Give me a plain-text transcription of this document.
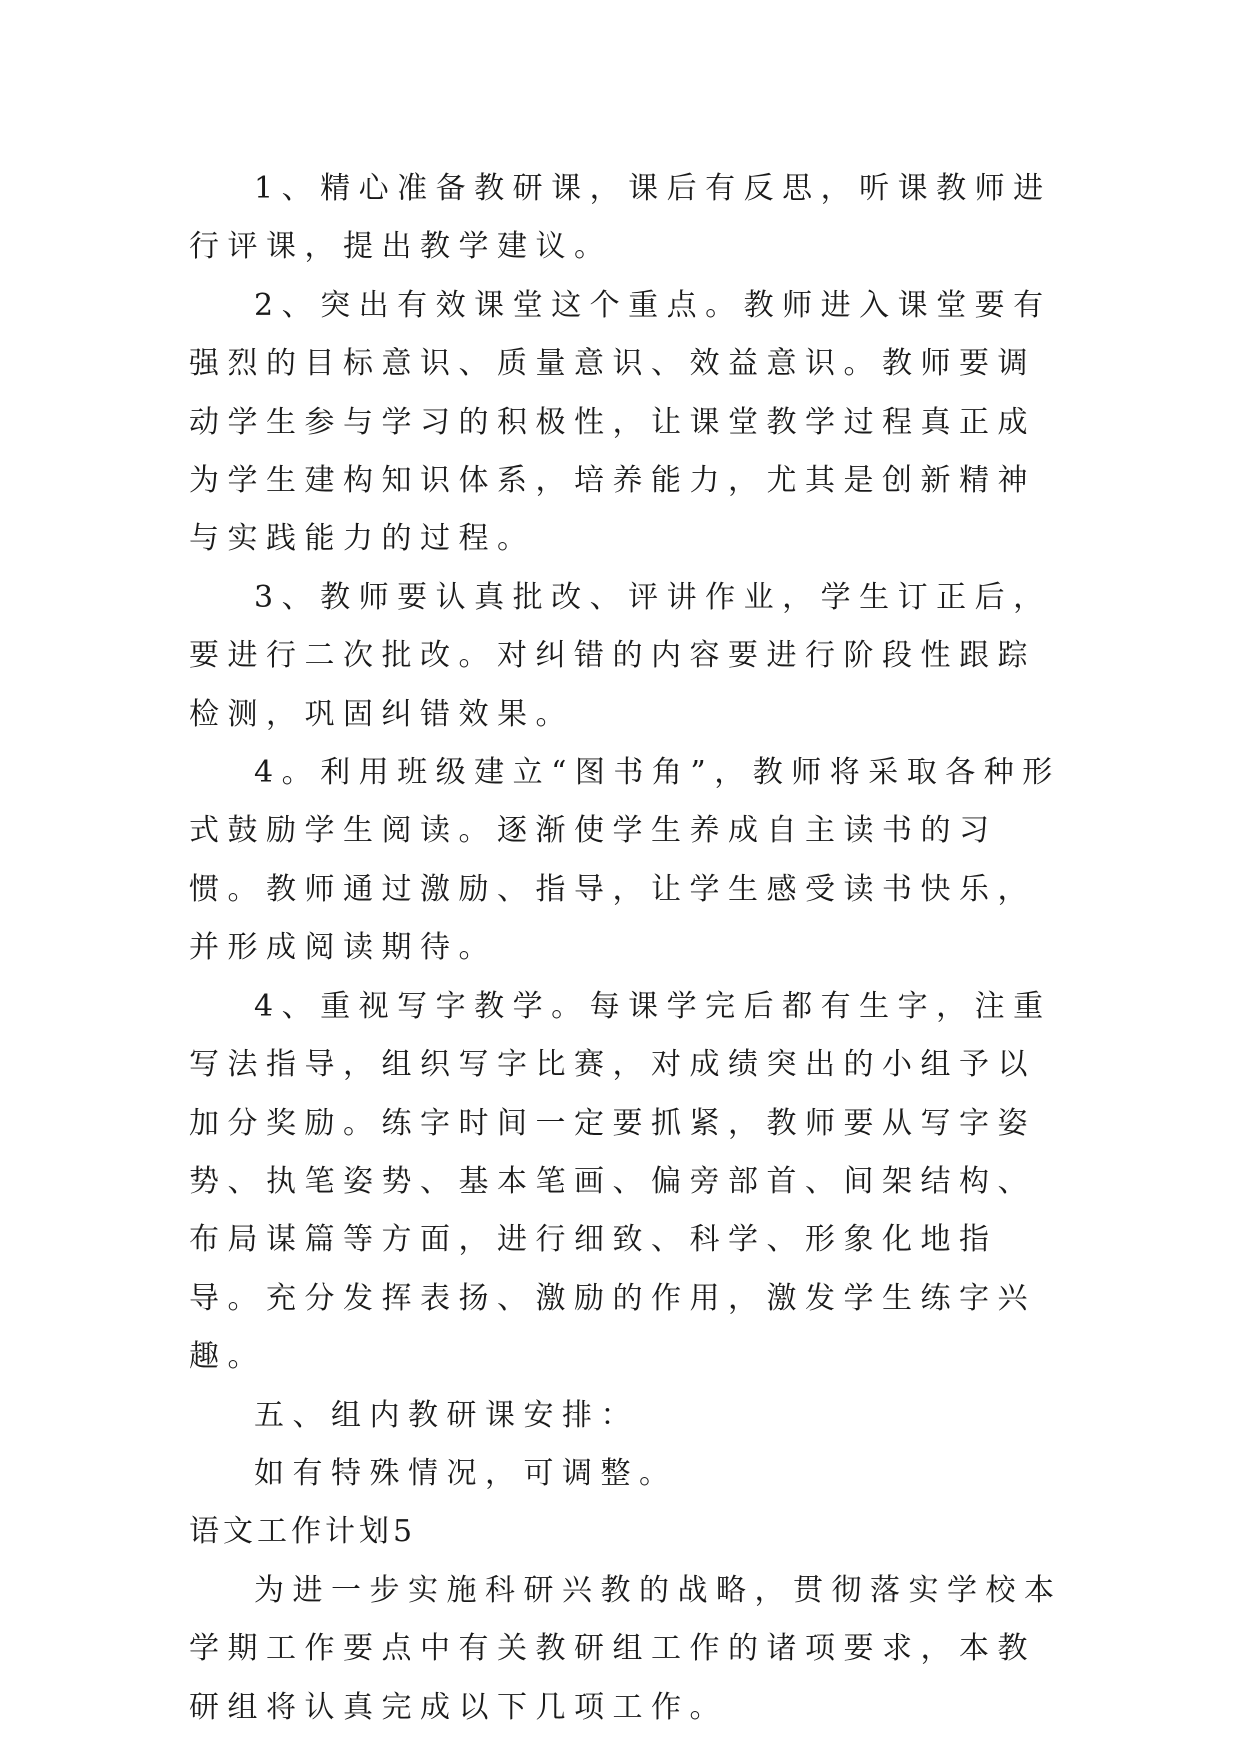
1、精心准备教研课，课后有反思，听课教师进行评课，提出教学建议。

2、突出有效课堂这个重点。教师进入课堂要有强烈的目标意识、质量意识、效益意识。教师要调动学生参与学习的积极性，让课堂教学过程真正成为学生建构知识体系，培养能力，尤其是创新精神与实践能力的过程。

3、教师要认真批改、评讲作业，学生订正后，要进行二次批改。对纠错的内容要进行阶段性跟踪检测，巩固纠错效果。

4。利用班级建立“图书角”，教师将采取各种形式鼓励学生阅读。逐渐使学生养成自主读书的习惯。教师通过激励、指导，让学生感受读书快乐，并形成阅读期待。

4、重视写字教学。每课学完后都有生字，注重写法指导，组织写字比赛，对成绩突出的小组予以加分奖励。练字时间一定要抓紧，教师要从写字姿势、执笔姿势、基本笔画、偏旁部首、间架结构、布局谋篇等方面，进行细致、科学、形象化地指导。充分发挥表扬、激励的作用，激发学生练字兴趣。

五、组内教研课安排：

如有特殊情况，可调整。

语文工作计划5

为进一步实施科研兴教的战略，贯彻落实学校本学期工作要点中有关教研组工作的诸项要求，本教研组将认真完成以下几项工作。
